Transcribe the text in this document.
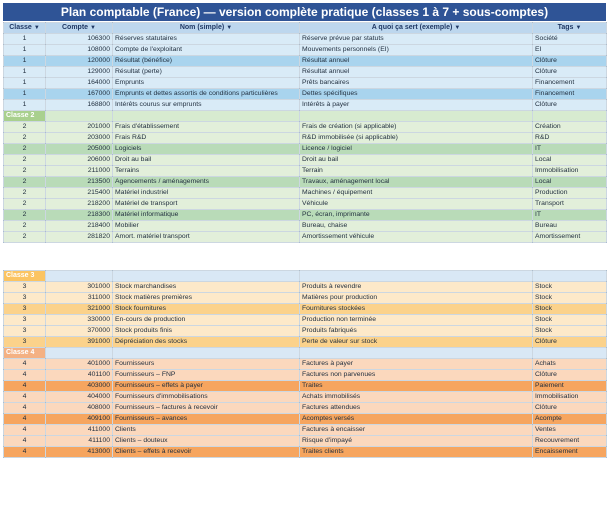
Plan comptable (France) — version complète pratique (classes 1 à 7 + sous-comptes)
Classe ▼	Compte ▼	Nom (simple) ▼	A quoi ça sert (exemple) ▼	Tags ▼

1	106300	Réserves statutaires	Réserve prévue par statuts	Société
1	108000	Compte de l'exploitant	Mouvements personnels (EI)	EI
1	120000	Résultat (bénéfice)	Résultat annuel	Clôture
1	129000	Résultat (perte)	Résultat annuel	Clôture
1	164000	Emprunts	Prêts bancaires	Financement
1	167000	Emprunts et dettes assortis de conditions particulières	Dettes spécifiques	Financement
1	168800	Intérêts courus sur emprunts	Intérêts à payer	Clôture
Classe 2				
2	201000	Frais d'établissement	Frais de création (si applicable)	Création
2	203000	Frais R&D	R&D immobilisée (si applicable)	R&D
2	205000	Logiciels	Licence / logiciel	IT
2	206000	Droit au bail	Droit au bail	Local
2	211000	Terrains	Terrain	Immobilisation
2	213500	Agencements / aménagements	Travaux, aménagement local	Local
2	215400	Matériel industriel	Machines / équipement	Production
2	218200	Matériel de transport	Véhicule	Transport
2	218300	Matériel informatique	PC, écran, imprimante	IT
2	218400	Mobilier	Bureau, chaise	Bureau
2	281820	Amort. matériel transport	Amortissement véhicule	Amortissement

Classe 3				
3	301000	Stock marchandises	Produits à revendre	Stock
3	311000	Stock matières premières	Matières pour production	Stock
3	321000	Stock fournitures	Fournitures stockées	Stock
3	330000	En-cours de production	Production non terminée	Stock
3	370000	Stock produits finis	Produits fabriqués	Stock
3	391000	Dépréciation des stocks	Perte de valeur sur stock	Clôture
Classe 4				
4	401000	Fournisseurs	Factures à payer	Achats
4	401100	Fournisseurs – FNP	Factures non parvenues	Clôture
4	403000	Fournisseurs – effets à payer	Traites	Paiement
4	404000	Fournisseurs d'immobilisations	Achats immobilisés	Immobilisation
4	408000	Fournisseurs – factures à recevoir	Factures attendues	Clôture
4	409100	Fournisseurs – avances	Acomptes versés	Acompte
4	411000	Clients	Factures à encaisser	Ventes
4	411100	Clients – douteux	Risque d'impayé	Recouvrement
4	413000	Clients – effets à recevoir	Traites clients	Encaissement
